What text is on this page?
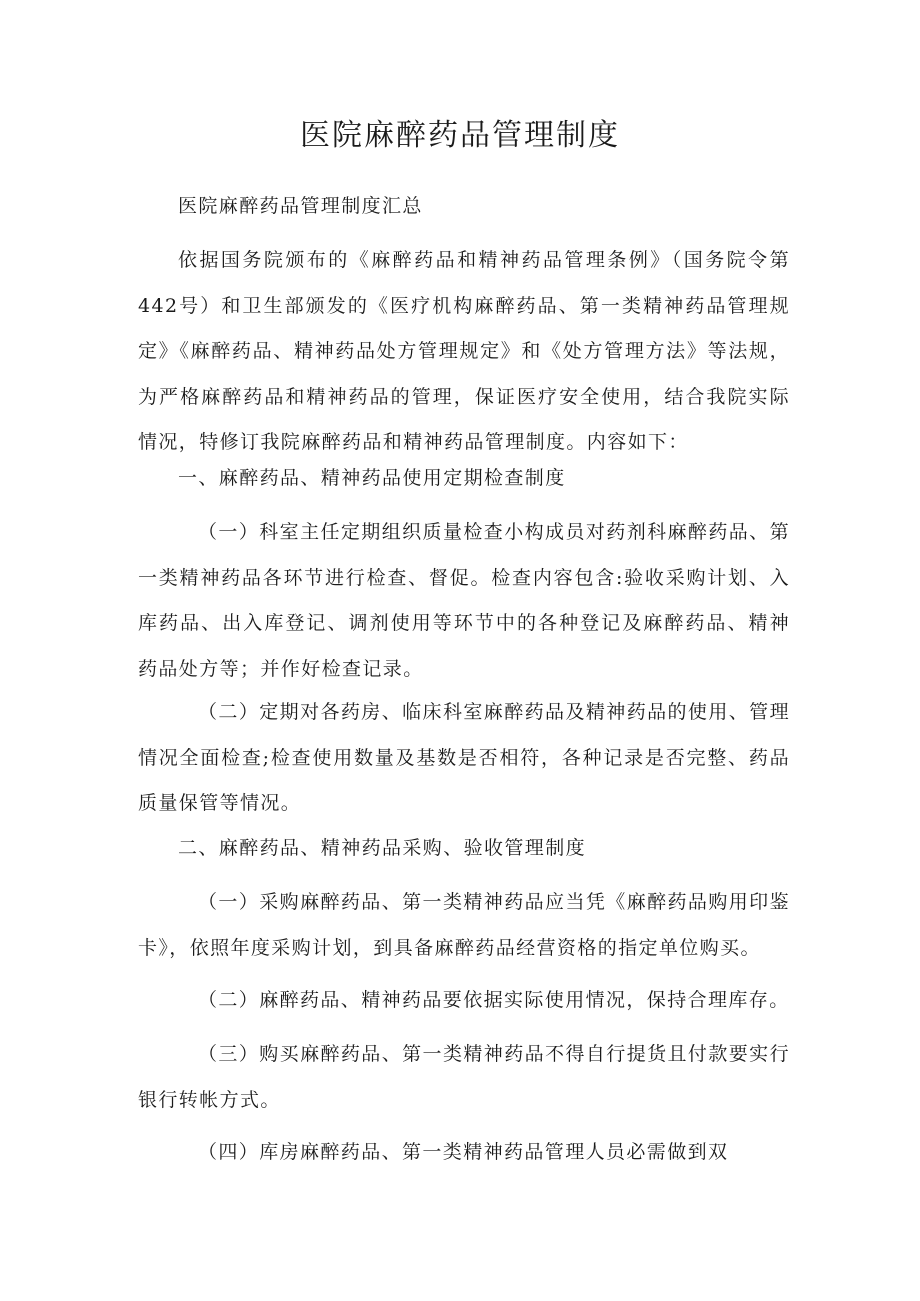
医院麻醉药品管理制度

医院麻醉药品管理制度汇总

依据国务院颁布的《麻醉药品和精神药品管理条例》（国务院令第442号）和卫生部颁发的《医疗机构麻醉药品、第一类精神药品管理规定》《麻醉药品、精神药品处方管理规定》和《处方管理方法》等法规，为严格麻醉药品和精神药品的管理，保证医疗安全使用，结合我院实际情况，特修订我院麻醉药品和精神药品管理制度。内容如下：

一、麻醉药品、精神药品使用定期检查制度

（一）科室主任定期组织质量检查小构成员对药剂科麻醉药品、第一类精神药品各环节进行检查、督促。检查内容包含:验收采购计划、入库药品、出入库登记、调剂使用等环节中的各种登记及麻醉药品、精神药品处方等；并作好检查记录。

（二）定期对各药房、临床科室麻醉药品及精神药品的使用、管理情况全面检查;检查使用数量及基数是否相符，各种记录是否完整、药品质量保管等情况。

二、麻醉药品、精神药品采购、验收管理制度

（一）采购麻醉药品、第一类精神药品应当凭《麻醉药品购用印鉴卡》，依照年度采购计划，到具备麻醉药品经营资格的指定单位购买。

（二）麻醉药品、精神药品要依据实际使用情况，保持合理库存。

（三）购买麻醉药品、第一类精神药品不得自行提货且付款要实行银行转帐方式。

（四）库房麻醉药品、第一类精神药品管理人员必需做到双
